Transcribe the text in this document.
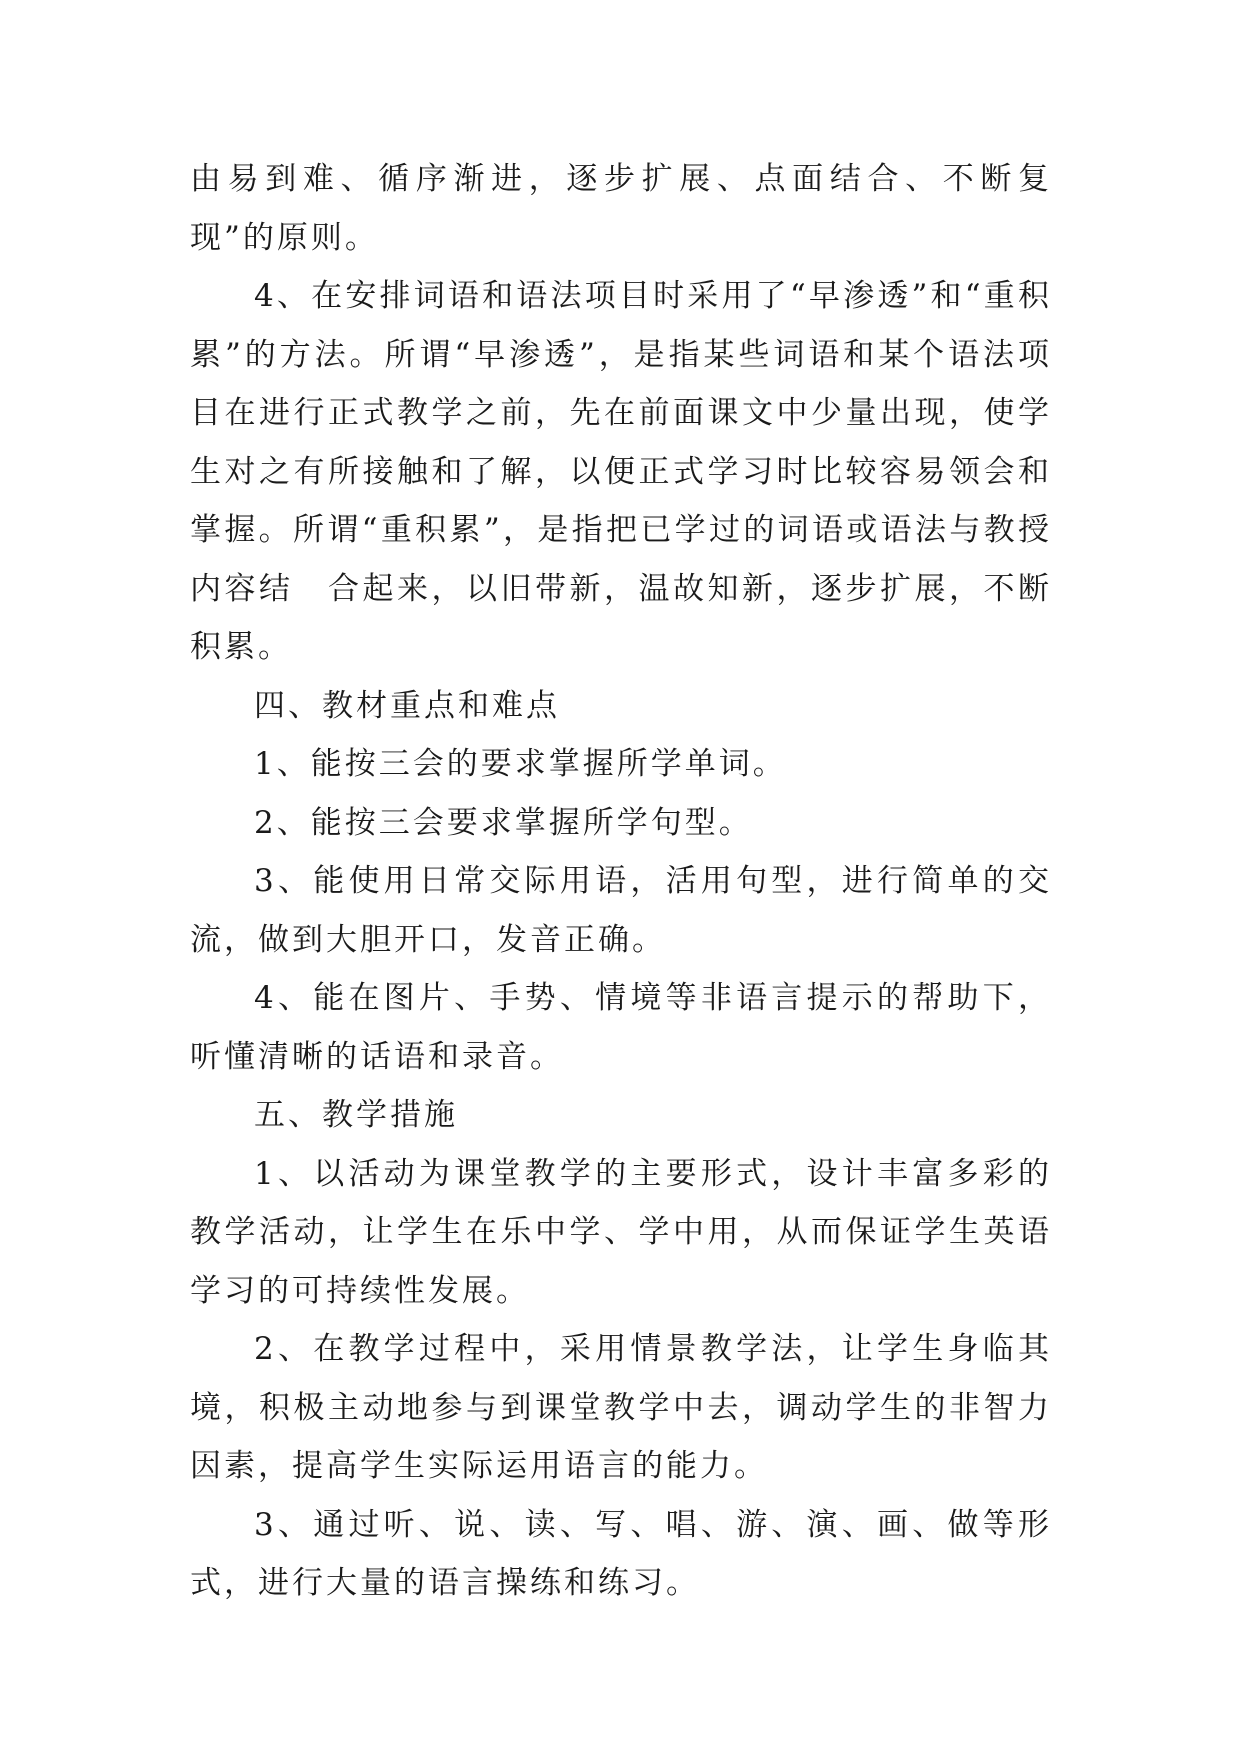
由易到难、循序渐进，逐步扩展、点面结合、不断复现”的原则。

4、在安排词语和语法项目时采用了“早渗透”和“重积累”的方法。所谓“早渗透”，是指某些词语和某个语法项目在进行正式教学之前，先在前面课文中少量出现，使学生对之有所接触和了解，以便正式学习时比较容易领会和掌握。所谓“重积累”，是指把已学过的词语或语法与教授内容结　合起来，以旧带新，温故知新，逐步扩展，不断积累。

四、教材重点和难点

1、能按三会的要求掌握所学单词。

2、能按三会要求掌握所学句型。

3、能使用日常交际用语，活用句型，进行简单的交流，做到大胆开口，发音正确。

4、能在图片、手势、情境等非语言提示的帮助下，听懂清晰的话语和录音。

五、教学措施

1、以活动为课堂教学的主要形式，设计丰富多彩的教学活动，让学生在乐中学、学中用，从而保证学生英语学习的可持续性发展。

2、在教学过程中，采用情景教学法，让学生身临其境，积极主动地参与到课堂教学中去，调动学生的非智力因素，提高学生实际运用语言的能力。

3、通过听、说、读、写、唱、游、演、画、做等形式，进行大量的语言操练和练习。
